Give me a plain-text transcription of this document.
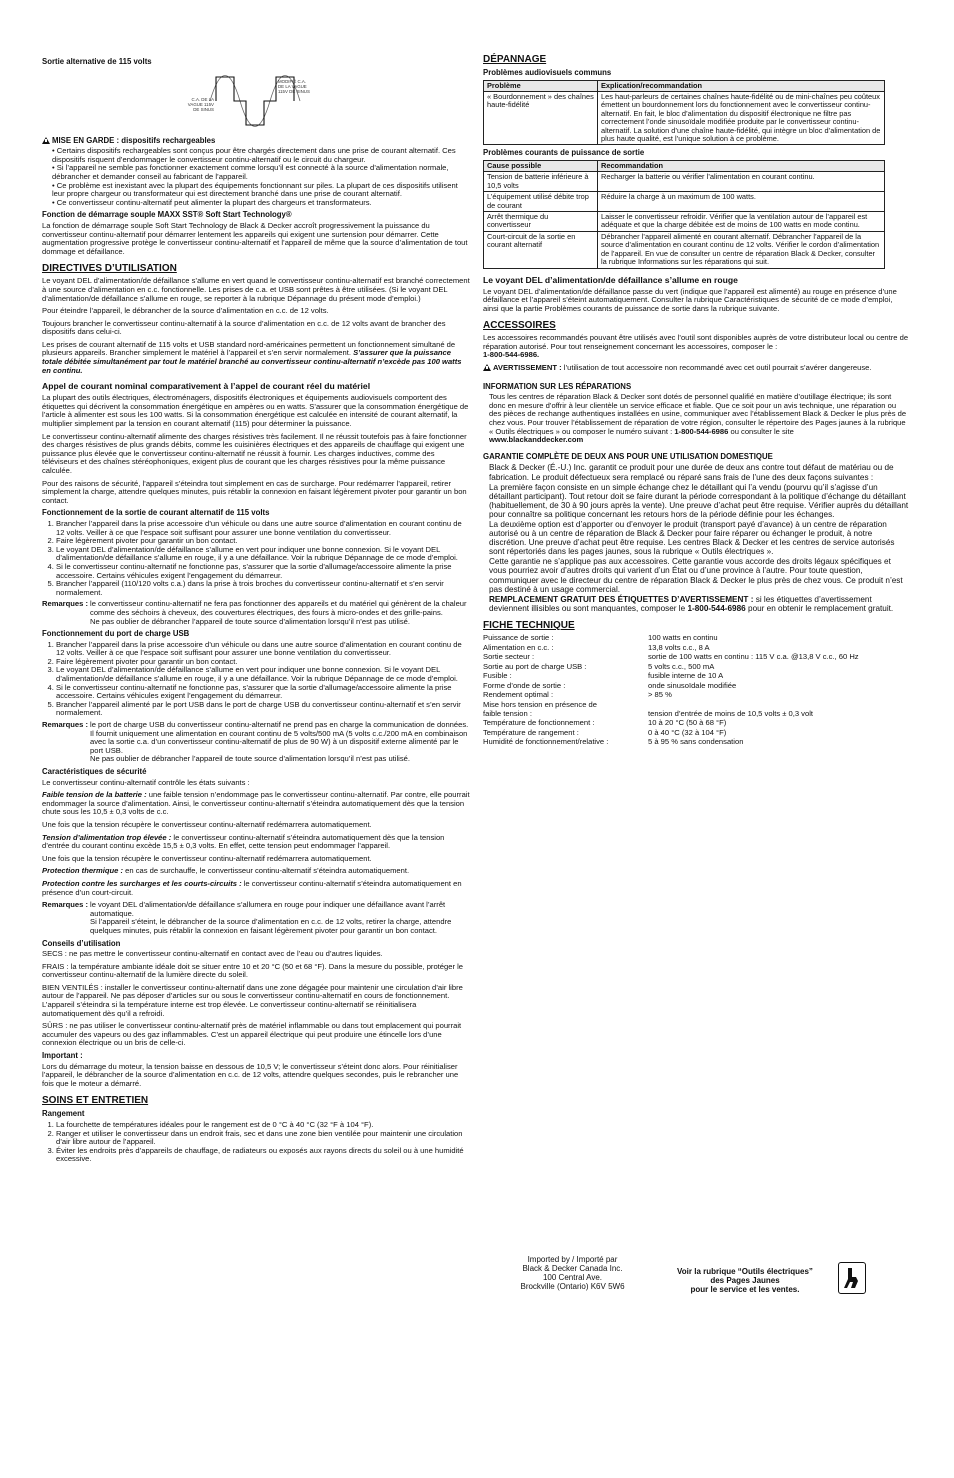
Sortie alternative de 115 volts
C.A. DE LA VAGUE 115V DE SINUS
MODIFIÉ C.A. DE LA VAGUE 115V DE SINUS
MISE EN GARDE : dispositifs rechargeables
• Certains dispositifs rechargeables sont conçus pour être chargés directement dans une prise de courant alternatif. Ces dispositifs risquent d’endommager le convertisseur continu-alternatif ou le circuit du chargeur.
• Si l’appareil ne semble pas fonctionner exactement comme lorsqu’il est connecté à la source d’alimentation normale, débrancher et demander conseil au fabricant de l’appareil.
• Ce problème est inexistant avec la plupart des équipements fonctionnant sur piles. La plupart de ces dispositifs utilisent leur propre chargeur ou transformateur qui est directement branché dans une prise de courant alternatif.
• Ce convertisseur continu-alternatif peut alimenter la plupart des chargeurs et transformateurs.
Fonction de démarrage souple MAXX SST® Soft Start Technology®

La fonction de démarrage souple Soft Start Technology de Black & Decker accroît progressivement la puissance du convertisseur continu-alternatif pour démarrer lentement les appareils qui exigent une surtension pour démarrer. Cette augmentation progressive protège le convertisseur continu-alternatif et l’appareil de même que la source d’alimentation de tout dommage et défaillance.

DIRECTIVES D’UTILISATION

Le voyant DEL d’alimentation/de défaillance s’allume en vert quand le convertisseur continu-alternatif est branché correctement à une source d’alimentation en c.c. fonctionnelle. Les prises de c.a. et USB sont prêtes à être utilisées. (Si le voyant DEL d’alimentation/de défaillance s’allume en rouge, se reporter à la rubrique Dépannage du présent mode d’emploi.)

Pour éteindre l’appareil, le débrancher de la source d’alimentation en c.c. de 12 volts.

Toujours brancher le convertisseur continu-alternatif à la source d’alimentation en c.c. de 12 volts avant de brancher des dispositifs dans celui-ci.

Les prises de courant alternatif de 115 volts et USB standard nord-américaines permettent un fonctionnement simultané de plusieurs appareils. Brancher simplement le matériel à l’appareil et s’en servir normalement. S’assurer que la puissance totale débitée simultanément par tout le matériel branché au convertisseur continu-alternatif n’excède pas 100 watts en continu.

Appel de courant nominal comparativement à l’appel de courant réel du matériel

La plupart des outils électriques, électroménagers, dispositifs électroniques et équipements audiovisuels comportent des étiquettes qui décrivent la consommation énergétique en ampères ou en watts. S’assurer que la consommation énergétique de l’article à alimenter est sous les 100 watts. Si la consommation énergétique est calculée en intensité de courant alternatif, la multiplier simplement par la tension en courant alternatif (115) pour déterminer la puissance.

Le convertisseur continu-alternatif alimente des charges résistives très facilement. Il ne réussit toutefois pas à faire fonctionner des charges résistives de plus grands débits, comme les cuisinières électriques et des appareils de chauffage qui exigent une puissance plus élevée que le convertisseur continu-alternatif ne réussit à fournir. Les charges inductives, comme des téléviseurs et des chaînes stéréophoniques, exigent plus de courant que les charges résistives pour la même puissance calculée.

Pour des raisons de sécurité, l’appareil s’éteindra tout simplement en cas de surcharge. Pour redémarrer l’appareil, retirer simplement la charge, attendre quelques minutes, puis rétablir la connexion en faisant légèrement pivoter pour garantir un bon contact.

Fonctionnement de la sortie de courant alternatif de 115 volts
1. Brancher l’appareil dans la prise accessoire d’un véhicule ou dans une autre source d’alimentation en courant continu de 12 volts. Veiller à ce que l’espace soit suffisant pour assurer une bonne ventilation du convertisseur.
2. Faire légèrement pivoter pour garantir un bon contact.
3. Le voyant DEL d’alimentation/de défaillance s’allume en vert pour indiquer une bonne connexion. Si le voyant DEL d’alimentation/de défaillance s’allume en rouge, il y a une défaillance. Voir la rubrique Dépannage de ce mode d’emploi.
4. Si le convertisseur continu-alternatif ne fonctionne pas, s’assurer que la sortie d’allumage/accessoire alimente la prise accessoire. Certains véhicules exigent l’engagement du démarreur.
5. Brancher l’appareil (110/120 volts c.a.) dans la prise à trois broches du convertisseur continu-alternatif et s’en servir normalement.
Remarques : le convertisseur continu-alternatif ne fera pas fonctionner des appareils et du matériel qui génèrent de la chaleur comme des séchoirs à cheveux, des couvertures électriques, des fours à micro-ondes et des grille-pains.
Ne pas oublier de débrancher l’appareil de toute source d’alimentation lorsqu’il n’est pas utilisé.
Fonctionnement du port de charge USB
1. Brancher l’appareil dans la prise accessoire d’un véhicule ou dans une autre source d’alimentation en courant continu de 12 volts. Veiller à ce que l’espace soit suffisant pour assurer une bonne ventilation du convertisseur.
2. Faire légèrement pivoter pour garantir un bon contact.
3. Le voyant DEL d’alimentation/de défaillance s’allume en vert pour indiquer une bonne connexion. Si le voyant DEL d’alimentation/de défaillance s’allume en rouge, il y a une défaillance. Voir la rubrique Dépannage de ce mode d’emploi.
4. Si le convertisseur continu-alternatif ne fonctionne pas, s’assurer que la sortie d’allumage/accessoire alimente la prise accessoire. Certains véhicules exigent l’engagement du démarreur.
5. Brancher l’appareil alimenté par le port USB dans le port de charge USB du convertisseur continu-alternatif et s’en servir normalement.
Remarques : le port de charge USB du convertisseur continu-alternatif ne prend pas en charge la communication de données. Il fournit uniquement une alimentation en courant continu de 5 volts/500 mA (5 volts c.c./200 mA en combinaison avec la sortie c.a. d’un convertisseur continu-alternatif de plus de 90 W) à un dispositif externe alimenté par le port USB.
Ne pas oublier de débrancher l’appareil de toute source d’alimentation lorsqu’il n’est pas utilisé.
Caractéristiques de sécurité

Le convertisseur continu-alternatif contrôle les états suivants :

Faible tension de la batterie : une faible tension n’endommage pas le convertisseur continu-alternatif. Par contre, elle pourrait endommager la source d’alimentation. Ainsi, le convertisseur continu-alternatif s’éteindra automatiquement dès que la tension chute sous les 10,5 ± 0,3 volts de c.c.

Une fois que la tension récupère le convertisseur continu-alternatif redémarrera automatiquement.

Tension d’alimentation trop élevée : le convertisseur continu-alternatif s’éteindra automatiquement dès que la tension d’entrée du courant continu excède 15,5 ± 0,3 volts. En effet, cette tension peut endommager l’appareil.

Une fois que la tension récupère le convertisseur continu-alternatif redémarrera automatiquement.

Protection thermique : en cas de surchauffe, le convertisseur continu-alternatif s’éteindra automatiquement.

Protection contre les surcharges et les courts-circuits : le convertisseur continu-alternatif s’éteindra automatiquement en présence d’un court-circuit.

Remarques : le voyant DEL d’alimentation/de défaillance s’allumera en rouge pour indiquer une défaillance avant l’arrêt automatique.
Si l’appareil s’éteint, le débrancher de la source d’alimentation en c.c. de 12 volts, retirer la charge, attendre quelques minutes, puis rétablir la connexion en faisant légèrement pivoter pour garantir un bon contact.
Conseils d’utilisation

SECS : ne pas mettre le convertisseur continu-alternatif en contact avec de l’eau ou d’autres liquides.

FRAIS : la température ambiante idéale doit se situer entre 10 et 20 °C (50 et 68 °F). Dans la mesure du possible, protéger le convertisseur continu-alternatif de la lumière directe du soleil.

BIEN VENTILÉS : installer le convertisseur continu-alternatif dans une zone dégagée pour maintenir une circulation d’air libre autour de l’appareil. Ne pas déposer d’articles sur ou sous le convertisseur continu-alternatif en cours de fonctionnement. L’appareil s’éteindra si la température interne est trop élevée. Le convertisseur continu-alternatif se réinitialisera automatiquement dès qu’il a refroidi.

SÛRS : ne pas utiliser le convertisseur continu-alternatif près de matériel inflammable ou dans tout emplacement qui pourrait accumuler des vapeurs ou des gaz inflammables. C’est un appareil électrique qui peut produire une étincelle lors d’une connexion électrique ou un bris de celle-ci.

Important :

Lors du démarrage du moteur, la tension baisse en dessous de 10,5 V; le convertisseur s’éteint donc alors. Pour réinitialiser l’appareil, le débrancher de la source d’alimentation en c.c. de 12 volts, attendre quelques secondes, puis le rebrancher une fois que le moteur a démarré.

SOINS ET ENTRETIEN
Rangement
1. La fourchette de températures idéales pour le rangement est de 0 °C à 40 °C (32 °F à 104 °F).
2. Ranger et utiliser le convertisseur dans un endroit frais, sec et dans une zone bien ventilée pour maintenir une circulation d’air libre autour de l’appareil.
3. Éviter les endroits près d’appareils de chauffage, de radiateurs ou exposés aux rayons directs du soleil ou à une humidité excessive.
DÉPANNAGE
Problèmes audiovisuels communs
Problème	Explication/recommandation
« Bourdonnement » des chaînes haute-fidélité	Les haut-parleurs de certaines chaînes haute-fidélité ou de mini-chaînes peu coûteux émettent un bourdonnement lors du fonctionnement avec le convertisseur continu-alternatif. En fait, le bloc d’alimentation du dispositif électronique ne filtre pas correctement l’onde sinusoïdale modifiée produite par le convertisseur continu-alternatif. La solution d’une chaîne haute-fidélité, qui intègre un bloc d’alimentation de plus haute qualité, est l’unique solution à ce problème.
Problèmes courants de puissance de sortie
Cause possible	Recommandation
Tension de batterie inférieure à 10,5 volts	Recharger la batterie ou vérifier l’alimentation en courant continu.
L’équipement utilisé débite trop de courant	Réduire la charge à un maximum de 100 watts.
Arrêt thermique du convertisseur	Laisser le convertisseur refroidir. Vérifier que la ventilation autour de l’appareil est adéquate et que la charge débitée est de moins de 100 watts en mode continu.
Court-circuit de la sortie en courant alternatif	Débrancher l’appareil alimenté en courant alternatif. Débrancher l’appareil de la source d’alimentation en courant continu de 12 volts. Vérifier le cordon d’alimentation de l’appareil. En vue de consulter un centre de réparation Black & Decker, consulter la rubrique Informations sur les réparations qui suit.
Le voyant DEL d’alimentation/de défaillance s’allume en rouge

Le voyant DEL d’alimentation/de défaillance passe du vert (indique que l’appareil est alimenté) au rouge en présence d’une défaillance et l’appareil s’éteint automatiquement. Consulter la rubrique Caractéristiques de sécurité de ce mode d’emploi, ainsi que la partie Problèmes courants de puissance de sortie dans la rubrique suivante.

ACCESSOIRES

Les accessoires recommandés pouvant être utilisés avec l’outil sont disponibles auprès de votre distributeur local ou centre de réparation autorisé. Pour tout renseignement concernant les accessoires, composer le :
1-800-544-6986.

AVERTISSEMENT : l’utilisation de tout accessoire non recommandé avec cet outil pourrait s’avérer dangereuse.

INFORMATION SUR LES RÉPARATIONS

Tous les centres de réparation Black & Decker sont dotés de personnel qualifié en matière d’outillage électrique; ils sont donc en mesure d’offrir à leur clientèle un service efficace et fiable. Que ce soit pour un avis technique, une réparation ou des pièces de rechange authentiques installées en usine, communiquer avec l’établissement Black & Decker le plus près de chez vous. Pour trouver l’établissement de réparation de votre région, consulter le répertoire des Pages jaunes à la rubrique « Outils électriques » ou composer le numéro suivant : 1-800-544-6986 ou consulter le site
www.blackanddecker.com

GARANTIE COMPLÈTE DE DEUX ANS POUR UNE UTILISATION DOMESTIQUE

Black & Decker (É.-U.) Inc. garantit ce produit pour une durée de deux ans contre tout défaut de matériau ou de fabrication. Le produit défectueux sera remplacé ou réparé sans frais de l’une des deux façons suivantes :

La première façon consiste en un simple échange chez le détaillant qui l’a vendu (pourvu qu’il s’agisse d’un détaillant participant). Tout retour doit se faire durant la période correspondant à la politique d’échange du détaillant (habituellement, de 30 à 90 jours après la vente). Une preuve d’achat peut être requise. Vérifier auprès du détaillant pour connaître sa politique concernant les retours hors de la période définie pour les échanges.

La deuxième option est d’apporter ou d’envoyer le produit (transport payé d’avance) à un centre de réparation autorisé ou à un centre de réparation de Black & Decker pour faire réparer ou échanger le produit, à notre discrétion. Une preuve d’achat peut être requise. Les centres Black & Decker et les centres de service autorisés sont répertoriés dans les pages jaunes, sous la rubrique « Outils électriques ».

Cette garantie ne s’applique pas aux accessoires. Cette garantie vous accorde des droits légaux spécifiques et vous pourriez avoir d’autres droits qui varient d’un État ou d’une province à l’autre. Pour toute question, communiquer avec le directeur du centre de réparation Black & Decker le plus près de chez vous. Ce produit n’est pas destiné à un usage commercial.

REMPLACEMENT GRATUIT DES ÉTIQUETTES D’AVERTISSEMENT : si les étiquettes d’avertissement deviennent illisibles ou sont manquantes, composer le 1-800-544-6986 pour en obtenir le remplacement gratuit.

FICHE TECHNIQUE
Puissance de sortie :	100 watts en continu
Alimentation en c.c. :	13,8 volts c.c., 8 A
Sortie secteur :	sortie de 100 watts en continu : 115 V c.a. @13,8 V c.c., 60 Hz
Sortie au port de charge USB :	5 volts c.c., 500 mA
Fusible :	fusible interne de 10 A
Forme d’onde de sortie :	onde sinusoïdale modifiée
Rendement optimal :	> 85 %
Mise hors tension en présence de
faible tension :	
tension d’entrée de moins de 10,5 volts ± 0,3 volt
Température de fonctionnement :	10 à 20 °C (50 à 68 °F)
Température de rangement :	0 à 40 °C (32 à 104 °F)
Humidité de fonctionnement/relative :	5 à 95 % sans condensation
Imported by / Importé par
Black & Decker Canada Inc.
100 Central Ave.
Brockville (Ontario) K6V 5W6
Voir la rubrique “Outils électriques”
des Pages Jaunes
pour le service et les ventes.
